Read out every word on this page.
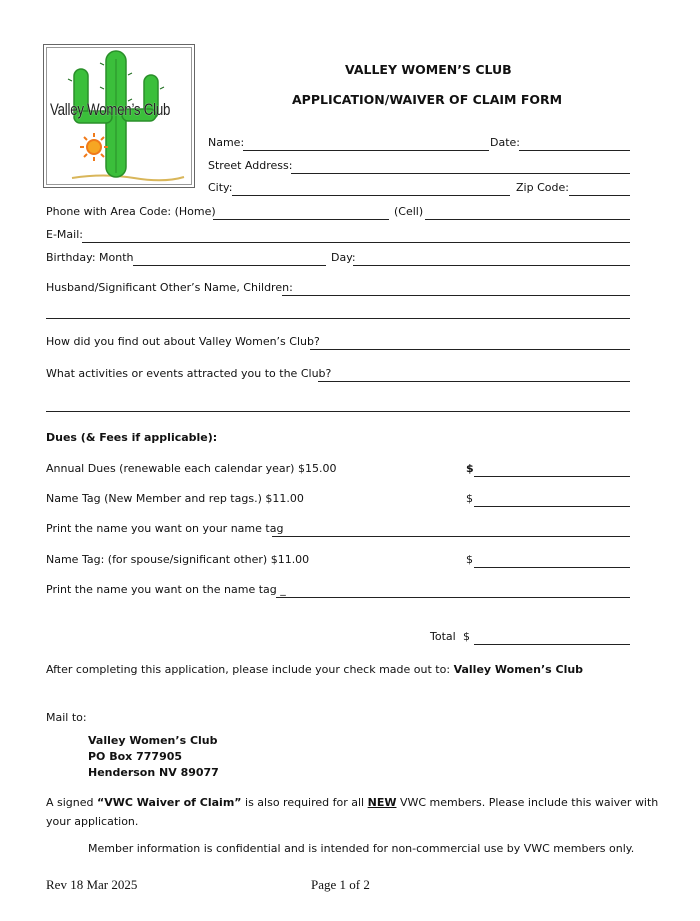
Valley Women’s Club
VALLEY WOMEN’S CLUB
APPLICATION/WAIVER OF CLAIM FORM
Name:	Date:
Street Address:
City:	Zip Code:
Phone with Area Code: (Home)	(Cell)
E-Mail:
Birthday: Month	Day:
Husband/Significant Other’s Name, Children:
How did you find out about Valley Women’s Club?
What activities or events attracted you to the Club?
Dues (& Fees if applicable):
Annual Dues (renewable each calendar year) $15.00	$
Name Tag (New Member and rep tags.) $11.00	$
Print the name you want on your name tag
Name Tag: (for spouse/significant other) $11.00	$
Print the name you want on the name tag _
Total $
After completing this application, please include your check made out to: Valley Women’s Club
Mail to:
Valley Women’s Club
PO Box 777905
Henderson NV 89077
A signed “VWC Waiver of Claim” is also required for all NEW VWC members. Please include this waiver with
your application.
Member information is confidential and is intended for non-commercial use by VWC members only.
Rev 18 Mar 2025	Page 1 of 2
